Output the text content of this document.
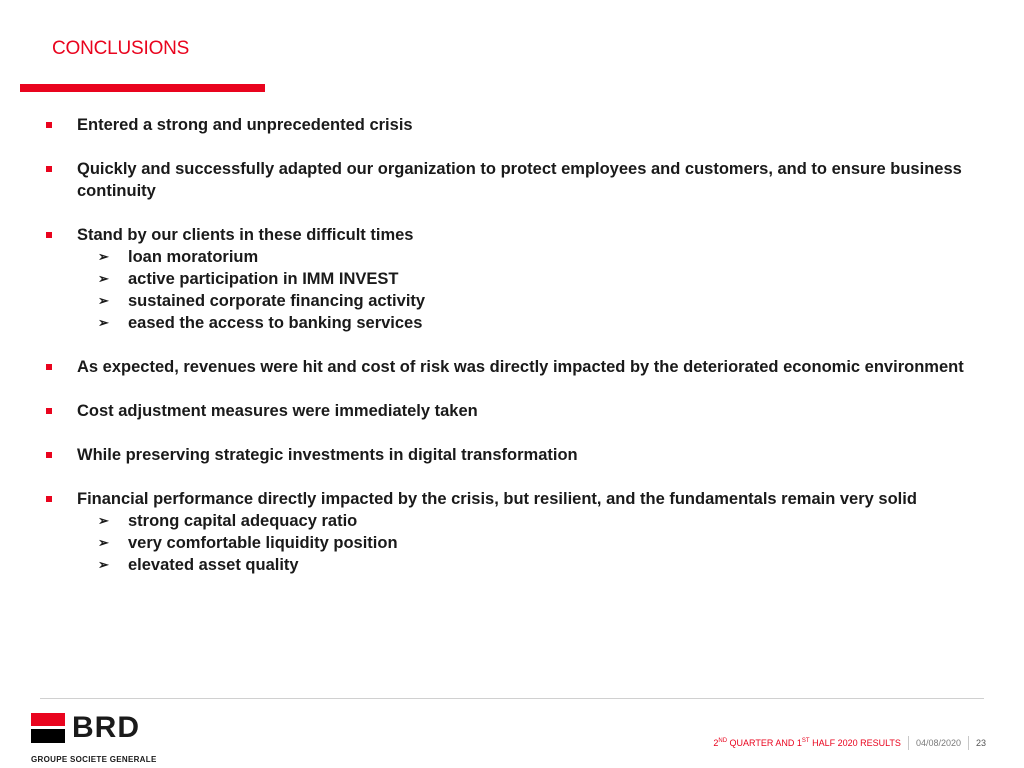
CONCLUSIONS
Entered a strong and unprecedented crisis
Quickly and successfully adapted our organization to protect employees and customers, and to ensure business continuity
Stand by our clients in these difficult times
➢ loan moratorium
➢ active participation in IMM INVEST
➢ sustained corporate financing activity
➢ eased the access to banking services
As expected, revenues were hit and cost of risk was directly impacted by the deteriorated economic environment
Cost adjustment measures were immediately taken
While preserving strategic investments in digital transformation
Financial performance directly impacted by the crisis, but resilient, and the fundamentals remain very solid
➢ strong capital adequacy ratio
➢ very comfortable liquidity position
➢ elevated asset quality
BRD
GROUPE SOCIETE GENERALE
2ND QUARTER AND 1ST HALF 2020 RESULTS 04/08/2020 23
